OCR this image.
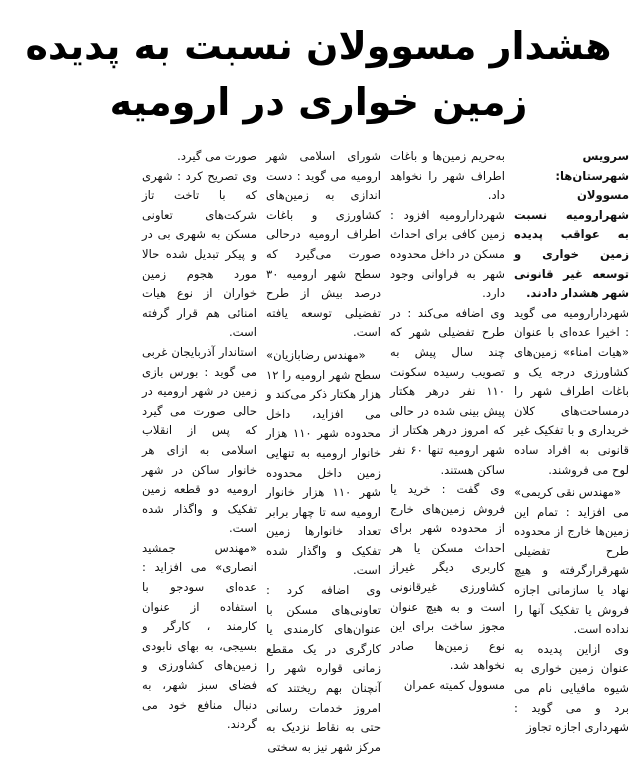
هشدار مسوولان نسبت به پدیده
زمین خواری در ارومیه

سرویس شهرستان‌ها: مسوولان شهرارومیه نسبت به عواقب پدیده زمین خواری و توسعه غیر قانونی شهر هشدار دادند.

شهردارارومیه می گوید : اخیرا عده‌ای با عنوان «هیات امناء» زمین‌های کشاورزی درجه یک و باغات اطراف شهر را درمساحت‌های کلان خریداری و با تفکیک غیر قانونی به افراد ساده لوح می فروشند.

«مهندس نقی کریمی»

می افزاید : تمام این زمین‌ها خارج از محدوده طرح تفضیلی شهرقرارگرفته و هیچ نهاد یا سازمانی اجازه فروش یا تفکیک آنها را نداده است.

وی ازاین پدیده به عنوان زمین خواری به شیوه مافیایی نام می برد و می گوید : شهرداری اجازه تجاوز

به‌حریم زمین‌ها و باغات اطراف شهر را نخواهد داد.

شهردارارومیه افزود : زمین کافی برای احداث مسکن در داخل محدوده شهر به فراوانی وجود دارد.

وی اضافه می‌کند : در طرح تفضیلی شهر که چند سال پیش به تصویب رسیده سکونت ۱۱۰ نفر درهر هکتار پیش بینی شده در حالی که امروز درهر هکتار از شهر ارومیه تنها ۶۰ نفر ساکن هستند.

وی گفت : خرید یا فروش زمین‌های خارج از محدوده شهر برای احداث مسکن یا هر کاربری دیگر غیراز کشاورزی غیرقانونی است و به هیچ عنوان مجوز ساخت برای این نوع زمین‌ها صادر نخواهد شد.

مسوول کمیته عمران

شورای اسلامی شهر ارومیه می گوید : دست اندازی به زمین‌های کشاورزی و باغات اطراف ارومیه درحالی صورت می‌گیرد که سطح شهر ارومیه ۳۰ درصد بیش از طرح تفضیلی توسعه یافته است.

«مهندس رضابازیان»

سطح شهر ارومیه را ۱۲ هزار هکتار ذکر می‌کند و می افزاید، داخل محدوده شهر ۱۱۰ هزار خانوار ارومیه به تنهایی زمین داخل محدوده شهر ۱۱۰ هزار خانوار ارومیه سه تا چهار برابر تعداد خانوارها زمین تفکیک و واگذار شده است.

وی اضافه کرد : تعاونی‌های مسکن با عنوان‌های کارمندی یا کارگری در یک مقطع زمانی قواره شهر را آنچنان بهم ریختند که امروز خدمات رسانی حتی به نقاط نزدیک به مرکز شهر نیز به سختی

صورت می گیرد.

وی تصریح کرد : شهری که با تاخت تاز شرکت‌های تعاونی مسکن به شهری بی در و پیکر تبدیل شده حالا مورد هجوم زمین خواران از نوع هیات امنائی هم قرار گرفته است.

استاندار آذربایجان غربی می گوید : بورس بازی زمین در شهر ارومیه در حالی صورت می گیرد که پس از انقلاب اسلامی به ازای هر خانوار ساکن در شهر ارومیه دو قطعه زمین تفکیک و واگذار شده است.

«مهندس جمشید انصاری» می افزاید : عده‌ای سودجو با استفاده از عنوان کارمند ، کارگر و بسیجی، به بهای نابودی زمین‌های کشاورزی و فضای سبز شهر، به دنبال منافع خود می گردند.
